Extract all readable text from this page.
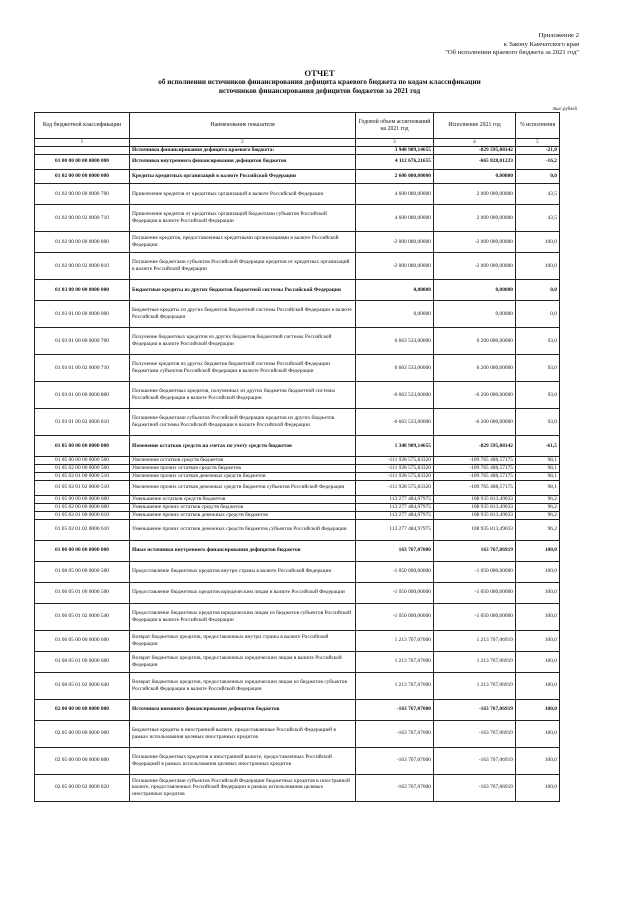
Приложение 2
к Закону Камчатского края
"Об исполнении краевого бюджета за 2021 год"
ОТЧЕТ
об исполнении источников финансирования дефицита краевого бюджета по кодам классификации
источников финансирования дефицитов бюджетов за 2021 год
тыс.рублей
Код бюджетной классификации	Наименование показателя	Годовой объем ассигнований на 2021 год	Исполнение 2021 год	% исполнения
1	2	3	4	5
	Источники финансирования дефицита краевого бюджета:	3 948 909,14655	-829 595,08142	-21,0
01 00 00 00 00 0000 000	Источники внутреннего финансирования дефицитов бюджетов	4 112 676,21655	-665 828,01223	-16,2
01 02 00 00 00 0000 000	Кредиты кредитных организаций в валюте Российской Федерации	2 600 000,00000	0,00000	0,0
01 02 00 00 00 0000 700	Привлечение кредитов от кредитных организаций в валюте Российской Федерации	4 600 000,00000	2 000 000,00000	43,5
01 02 00 00 02 0000 710	Привлечение кредитов от кредитных организаций бюджетами субъектов Российской Федерации в валюте Российской Федерации	4 600 000,00000	2 000 000,00000	43,5
01 02 00 00 00 0000 800	Погашение кредитов, предоставленных кредитными организациями в валюте Российской Федерации	-2 000 000,00000	-2 000 000,00000	100,0
01 02 00 00 02 0000 810	Погашение бюджетами субъектов Российской Федерации кредитов от кредитных организаций в валюте Российской Федерации	-2 000 000,00000	-2 000 000,00000	100,0
01 03 00 00 00 0000 000	Бюджетные кредиты из других бюджетов бюджетной системы Российской Федерации	0,00000	0,00000	0,0
01 03 01 00 00 0000 000	Бюджетные кредиты из других бюджетов бюджетной системы Российской Федерации в валюте Российской Федерации	0,00000	0,00000	0,0
01 03 01 00 00 0000 700	Получение бюджетных кредитов из других бюджетов бюджетной системы Российской Федерации в валюте Российской Федерации	6 663 533,00000	6 200 000,00000	93,0
01 03 01 00 02 0000 710	Получение кредитов из других бюджетов бюджетной системы Российской Федерации бюджетами субъектов Российской Федерации в валюте Российской Федерации	6 663 533,00000	6 200 000,00000	93,0
01 03 01 00 00 0000 800	Погашение бюджетных кредитов, полученных из других бюджетов бюджетной системы Российской Федерации в валюте Российской Федерации	-6 663 533,00000	-6 200 000,00000	93,0
01 03 01 00 02 0000 810	Погашение бюджетами субъектов Российской Федерации кредитов из других бюджетов бюджетной системы Российской Федерации в валюте Российской Федерации	-6 663 533,00000	-6 200 000,00000	93,0
01 05 00 00 00 0000 000	Изменение остатков средств на счетах по учету средств бюджетов	1 348 909,14655	-829 595,08142	-61,5
01 05 00 00 00 0000 500	Увеличение остатков средств бюджетов	-111 928 575,83320	-109 765 408,57175	98,1
01 05 02 00 00 0000 500	Увеличение прочих остатков средств бюджетов	-111 928 575,83320	-109 765 408,57175	98,1
01 05 02 01 00 0000 510	Увеличение прочих остатков денежных средств бюджетов	-111 928 575,83320	-109 765 408,57175	98,1
01 05 02 01 02 0000 510	Увеличение прочих остатков денежных средств бюджетов субъектов Российской Федерации	-111 928 575,83320	-109 765 408,57175	98,1
01 05 00 00 00 0000 600	Уменьшение остатков средств бюджетов	113 277 484,97975	108 935 813,49033	96,2
01 05 02 00 00 0000 600	Уменьшение прочих остатков средств бюджетов	113 277 484,97975	108 935 813,49033	96,2
01 05 02 01 00 0000 610	Уменьшение прочих остатков денежных средств бюджетов	113 277 484,97975	108 935 813,49033	96,2
01 05 02 01 02 0000 610	Уменьшение прочих остатков денежных средств бюджетов субъектов Российской Федерации	113 277 484,97975	108 935 813,49033	96,2
01 06 00 00 00 0000 000	Иные источники внутреннего финансирования дефицитов бюджетов	163 767,07000	163 767,06919	100,0
01 06 05 00 00 0000 500	Предоставление бюджетных кредитов внутри страны в валюте Российской Федерации	-1 050 000,00000	-1 050 000,00000	100,0
01 06 05 01 00 0000 500	Предоставление бюджетных кредитов юридическим лицам в валюте Российской Федерации	-1 050 000,00000	-1 050 000,00000	100,0
01 06 05 01 02 0000 540	Предоставление бюджетных кредитов юридическим лицам из бюджетов субъектов Российской Федерации в валюте Российской Федерации	-1 050 000,00000	-1 050 000,00000	100,0
01 06 05 00 00 0000 600	Возврат бюджетных кредитов, предоставленных внутри страны в валюте Российской Федерации	1 213 767,07000	1 213 767,06919	100,0
01 06 05 01 00 0000 600	Возврат бюджетных кредитов, предоставленных юридическим лицам в валюте Российской Федерации	1 213 767,07000	1 213 767,06919	100,0
01 06 05 01 02 0000 640	Возврат бюджетных кредитов, предоставленных юридическим лицам из бюджетов субъектов Российской Федерации в валюте Российской Федерации	1 213 767,07000	1 213 767,06919	100,0
02 00 00 00 00 0000 000	Источники внешнего финансирования дефицитов бюджетов	-163 767,07000	-163 767,06919	100,0
02 05 00 00 00 0000 000	Бюджетные кредиты в иностранной валюте, предоставленные Российской Федерацией в рамках использования целевых иностранных кредитов	-163 767,07000	-163 767,06919	100,0
02 05 00 00 00 0000 800	Погашение бюджетных кредитов в иностранной валюте, предоставленных Российской Федерацией в рамках использования целевых иностранных кредитов	-163 767,07000	-163 767,06919	100,0
02 05 00 00 02 0000 820	Погашение бюджетами субъектов Российской Федерации бюджетных кредитов в иностранной валюте, предоставленных Российской Федерации в рамках использования целевых иностранных кредитов	-163 767,07000	-163 767,06919	100,0
